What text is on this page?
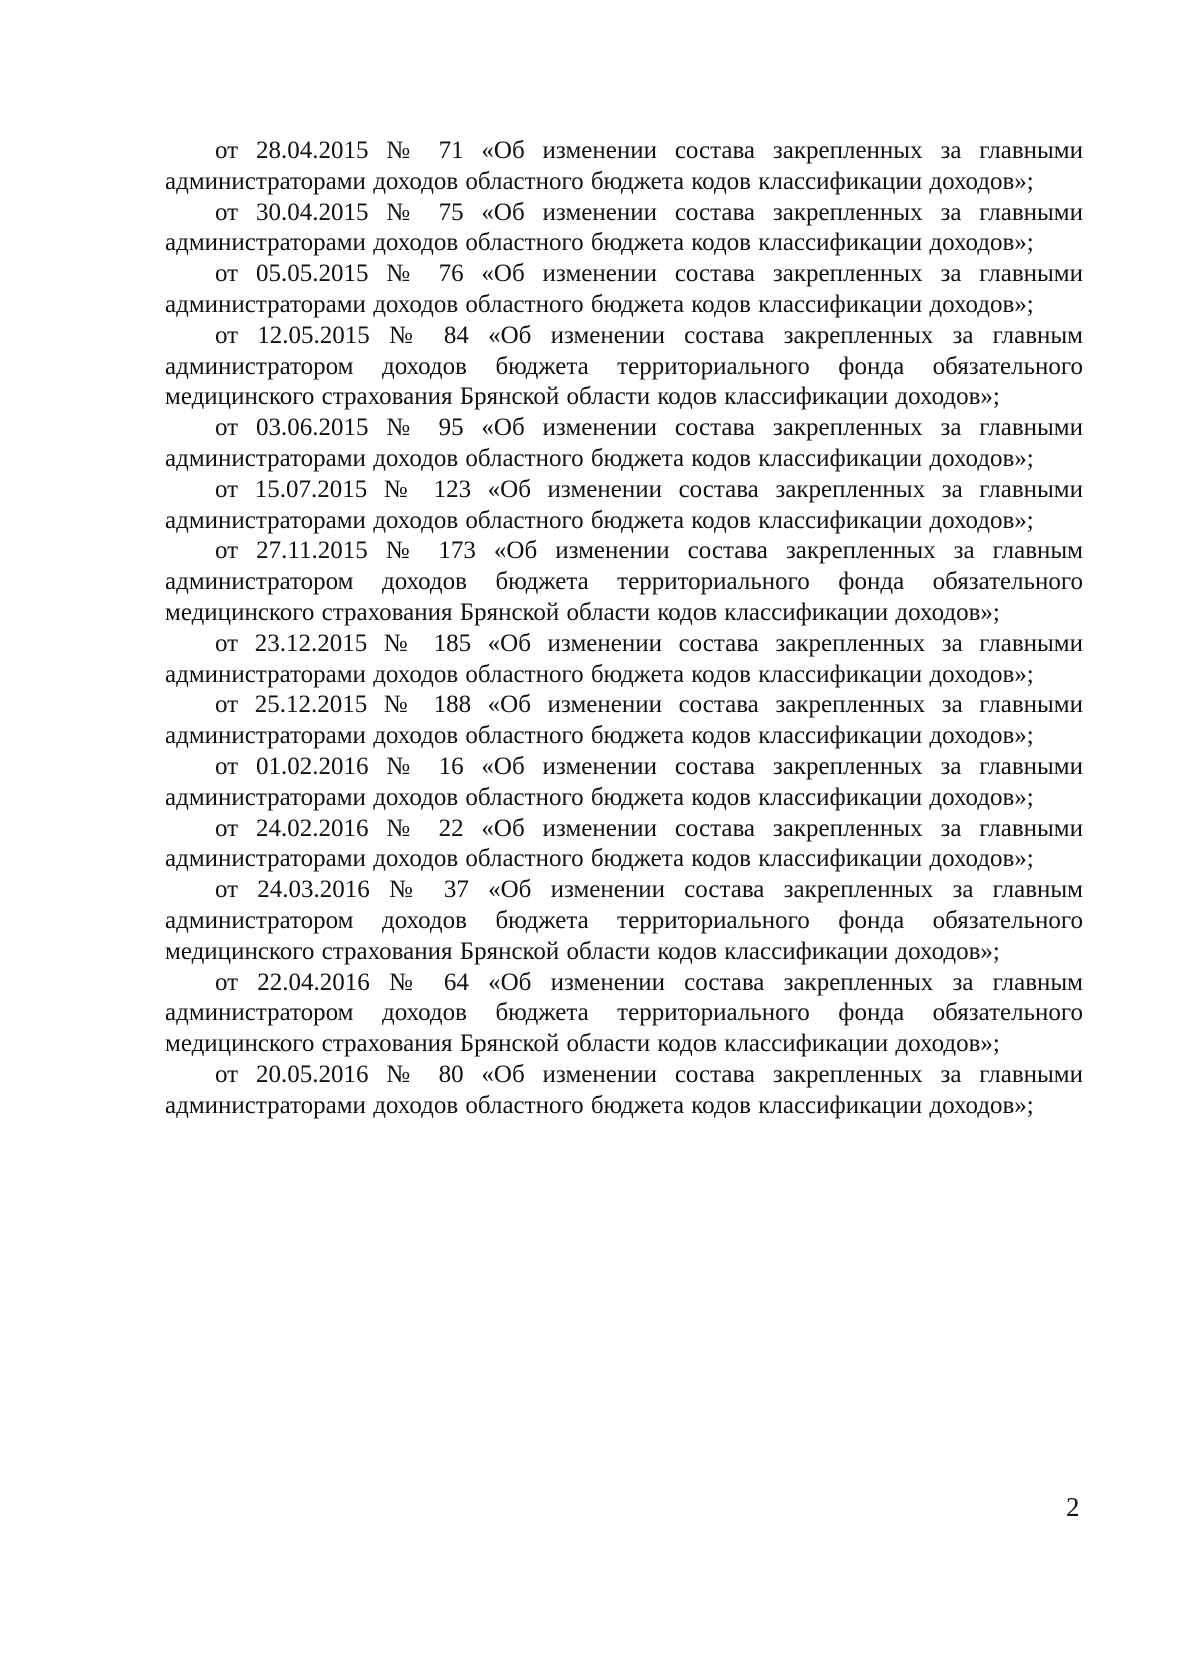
от 28.04.2015 № 71 «Об изменении состава закрепленных за главными администраторами доходов областного бюджета кодов классификации доходов»;

от 30.04.2015 № 75 «Об изменении состава закрепленных за главными администраторами доходов областного бюджета кодов классификации доходов»;

от 05.05.2015 № 76 «Об изменении состава закрепленных за главными администраторами доходов областного бюджета кодов классификации доходов»;

от 12.05.2015 № 84 «Об изменении состава закрепленных за главным администратором доходов бюджета территориального фонда обязательного медицинского страхования Брянской области кодов классификации доходов»;

от 03.06.2015 № 95 «Об изменении состава закрепленных за главными администраторами доходов областного бюджета кодов классификации доходов»;

от 15.07.2015 № 123 «Об изменении состава закрепленных за главными администраторами доходов областного бюджета кодов классификации доходов»;

от 27.11.2015 № 173 «Об изменении состава закрепленных за главным администратором доходов бюджета территориального фонда обязательного медицинского страхования Брянской области кодов классификации доходов»;

от 23.12.2015 № 185 «Об изменении состава закрепленных за главными администраторами доходов областного бюджета кодов классификации доходов»;

от 25.12.2015 № 188 «Об изменении состава закрепленных за главными администраторами доходов областного бюджета кодов классификации доходов»;

от 01.02.2016 № 16 «Об изменении состава закрепленных за главными администраторами доходов областного бюджета кодов классификации доходов»;

от 24.02.2016 № 22 «Об изменении состава закрепленных за главными администраторами доходов областного бюджета кодов классификации доходов»;

от 24.03.2016 № 37 «Об изменении состава закрепленных за главным администратором доходов бюджета территориального фонда обязательного медицинского страхования Брянской области кодов классификации доходов»;

от 22.04.2016 № 64 «Об изменении состава закрепленных за главным администратором доходов бюджета территориального фонда обязательного медицинского страхования Брянской области кодов классификации доходов»;

от 20.05.2016 № 80 «Об изменении состава закрепленных за главными администраторами доходов областного бюджета кодов классификации доходов»;

2
